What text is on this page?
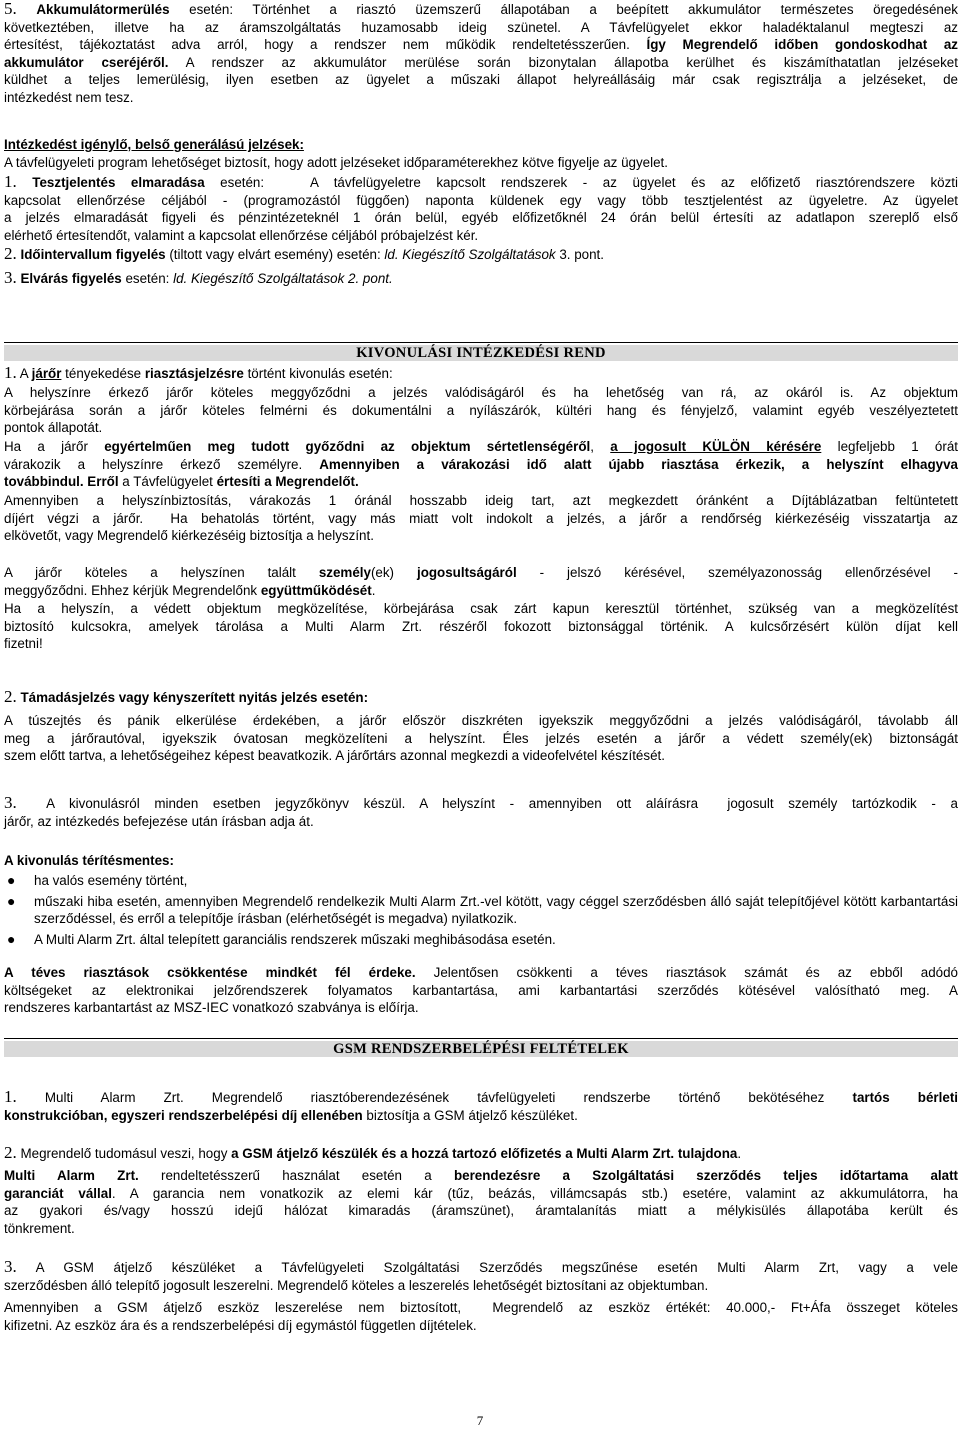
5. Akkumulátormerülés esetén: Történhet a riasztó üzemszerű állapotában a beépített akkumulátor természetes öregedésének
következtében, illetve ha az áramszolgáltatás huzamosabb ideig szünetel. A Távfelügyelet ekkor haladéktalanul megteszi az
értesítést, tájékoztatást adva arról, hogy a rendszer nem működik rendeltetésszerűen. Így Megrendelő időben gondoskodhat az
akkumulátor cseréjéről. A rendszer az akkumulátor merülése során bizonytalan állapotba kerülhet és kiszámíthatatlan jelzéseket
küldhet a teljes lemerülésig, ilyen esetben az ügyelet a műszaki állapot helyreállásáig már csak regisztrálja a jelzéseket, de
intézkedést nem tesz.
Intézkedést igénylő, belső generálású jelzések:
A távfelügyeleti program lehetőséget biztosít, hogy adott jelzéseket időparaméterekhez kötve figyelje az ügyelet.
1. Tesztjelentés elmaradása esetén:   A távfelügyeletre kapcsolt rendszerek - az ügyelet és az előfizető riasztórendszere közti
kapcsolat ellenőrzése céljából - (programozástól függően) naponta küldenek egy vagy több tesztjelentést az ügyeletre. Az ügyelet
a jelzés elmaradását figyeli és pénzintézeteknél 1 órán belül, egyéb előfizetőknél 24 órán belül értesíti az adatlapon szereplő első
elérhető értesítendőt, valamint a kapcsolat ellenőrzése céljából próbajelzést kér.
2. Időintervallum figyelés (tiltott vagy elvárt esemény) esetén: ld. Kiegészítő Szolgáltatások 3. pont.
3. Elvárás figyelés esetén: ld. Kiegészítő Szolgáltatások 2. pont.
KIVONULÁSI INTÉZKEDÉSI REND
1. A járőr tényekedése riasztásjelzésre történt kivonulás esetén:
A helyszínre érkező járőr köteles meggyőződni a jelzés valódiságáról és ha lehetőség van rá, az okáról is. Az objektum
körbejárása során a járőr köteles felmérni és dokumentálni a nyílászárók, kültéri hang és fényjelző, valamint egyéb veszélyeztetett
pontok állapotát.
Ha a járőr egyértelműen meg tudott győződni az objektum sértetlenségéről, a jogosult KÜLÖN kérésére legfeljebb 1 órát
várakozik a helyszínre érkező személyre. Amennyiben a várakozási idő alatt újabb riasztása érkezik, a helyszínt elhagyva
továbbindul. Erről a Távfelügyelet értesíti a Megrendelőt.
Amennyiben a helyszínbiztosítás, várakozás 1 óránál hosszabb ideig tart, azt megkezdett óránként a Díjtáblázatban feltüntetett
díjért végzi a járőr.  Ha behatolás történt, vagy más miatt volt indokolt a jelzés, a járőr a rendőrség kiérkezéséig visszatartja az
elkövetőt, vagy Megrendelő kiérkezéséig biztosítja a helyszínt.
A járőr köteles a helyszínen talált személy(ek) jogosultságáról - jelszó kérésével, személyazonosság ellenőrzésével -
meggyőződni. Ehhez kérjük Megrendelőnk együttműködését.
Ha a helyszín, a védett objektum megközelítése, körbejárása csak zárt kapun keresztül történhet, szükség van a megközelítést
biztosító kulcsokra, amelyek tárolása a Multi Alarm Zrt. részéről fokozott biztonsággal történik. A kulcsőrzésért külön díjat kell
fizetni!
2. Támadásjelzés vagy kényszerített nyitás jelzés esetén:
A túszejtés és pánik elkerülése érdekében, a járőr először diszkréten igyekszik meggyőződni a jelzés valódiságáról, távolabb áll
meg a járőrautóval, igyekszik óvatosan megközelíteni a helyszínt. Éles jelzés esetén a járőr a védett személy(ek) biztonságát
szem előtt tartva, a lehetőségeihez képest beavatkozik. A járőrtárs azonnal megkezdi a videofelvétel készítését.
3.  A kivonulásról minden esetben jegyzőkönyv készül. A helyszínt - amennyiben ott aláírásra  jogosult személy tartózkodik - a
járőr, az intézkedés befejezése után írásban adja át.
A kivonulás térítésmentes:
● ha valós esemény történt,
● műszaki hiba esetén, amennyiben Megrendelő rendelkezik Multi Alarm Zrt.-vel kötött, vagy céggel szerződésben álló saját telepítőjével kötött karbantartási szerződéssel, és erről a telepítője írásban (elérhetőségét is megadva) nyilatkozik.
● A Multi Alarm Zrt. által telepített garanciális rendszerek műszaki meghibásodása esetén.
A téves riasztások csökkentése mindkét fél érdeke. Jelentősen csökkenti a téves riasztások számát és az ebből adódó
költségeket az elektronikai jelzőrendszerek folyamatos karbantartása, ami karbantartási szerződés kötésével valósítható meg. A
rendszeres karbantartást az MSZ-IEC vonatkozó szabványa is előírja.
GSM RENDSZERBELÉPÉSI FELTÉTELEK
1. Multi Alarm Zrt. Megrendelő riasztóberendezésének távfelügyeleti rendszerbe történő bekötéséhez tartós bérleti
konstrukcióban, egyszeri rendszerbelépési díj ellenében biztosítja a GSM átjelző készüléket.
2. Megrendelő tudomásul veszi, hogy a GSM átjelző készülék és a hozzá tartozó előfizetés a Multi Alarm Zrt. tulajdona.
Multi Alarm Zrt. rendeltetésszerű használat esetén a berendezésre a Szolgáltatási szerződés teljes időtartama alatt
garanciát vállal. A garancia nem vonatkozik az elemi kár (tűz, beázás, villámcsapás stb.) esetére, valamint az akkumulátorra, ha
az gyakori és/vagy hosszú idejű hálózat kimaradás (áramszünet), áramtalanítás miatt a mélykisülés állapotába került és
tönkrement.
3. A GSM átjelző készüléket a Távfelügyeleti Szolgáltatási Szerződés megszűnése esetén Multi Alarm Zrt, vagy a vele
szerződésben álló telepítő jogosult leszerelni. Megrendelő köteles a leszerelés lehetőségét biztosítani az objektumban.
Amennyiben a GSM átjelző eszköz leszerelése nem biztosított,  Megrendelő az eszköz értékét: 40.000,- Ft+Áfa összeget köteles
kifizetni. Az eszköz ára és a rendszerbelépési díj egymástól független díjtételek.
7
